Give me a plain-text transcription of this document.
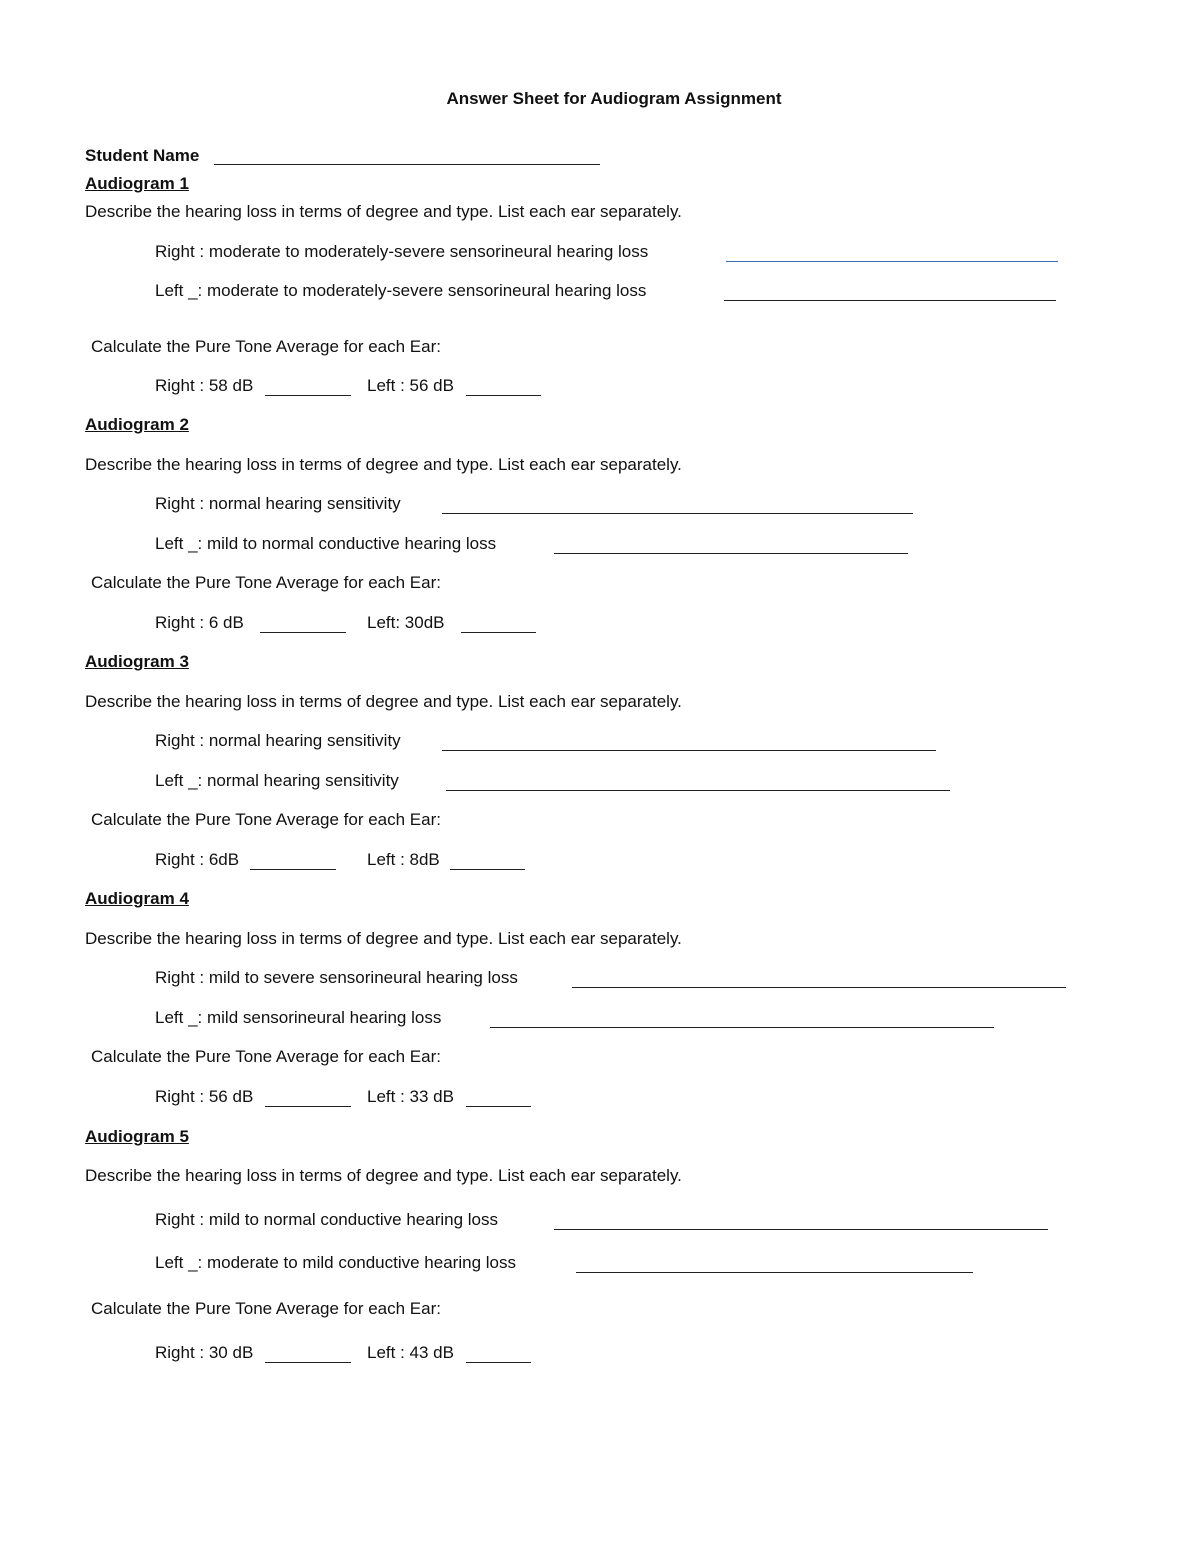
Answer Sheet for Audiogram Assignment
Student Name
Audiogram 1
Describe the hearing loss in terms of degree and type. List each ear separately.
Right : moderate to moderately-severe sensorineural hearing loss
Left _: moderate to moderately-severe sensorineural hearing loss
Calculate the Pure Tone Average for each Ear:
Right : 58 dB	Left : 56 dB
Audiogram 2
Describe the hearing loss in terms of degree and type. List each ear separately.
Right : normal hearing sensitivity
Left _: mild to normal conductive hearing loss
Calculate the Pure Tone Average for each Ear:
Right : 6 dB	Left: 30dB
Audiogram 3
Describe the hearing loss in terms of degree and type. List each ear separately.
Right : normal hearing sensitivity
Left _: normal hearing sensitivity
Calculate the Pure Tone Average for each Ear:
Right : 6dB	Left : 8dB
Audiogram 4
Describe the hearing loss in terms of degree and type. List each ear separately.
Right : mild to severe sensorineural hearing loss
Left _: mild sensorineural hearing loss
Calculate the Pure Tone Average for each Ear:
Right : 56 dB	Left : 33 dB
Audiogram 5
Describe the hearing loss in terms of degree and type. List each ear separately.
Right : mild to normal conductive hearing loss
Left _: moderate to mild conductive hearing loss
Calculate the Pure Tone Average for each Ear:
Right : 30 dB	Left : 43 dB
